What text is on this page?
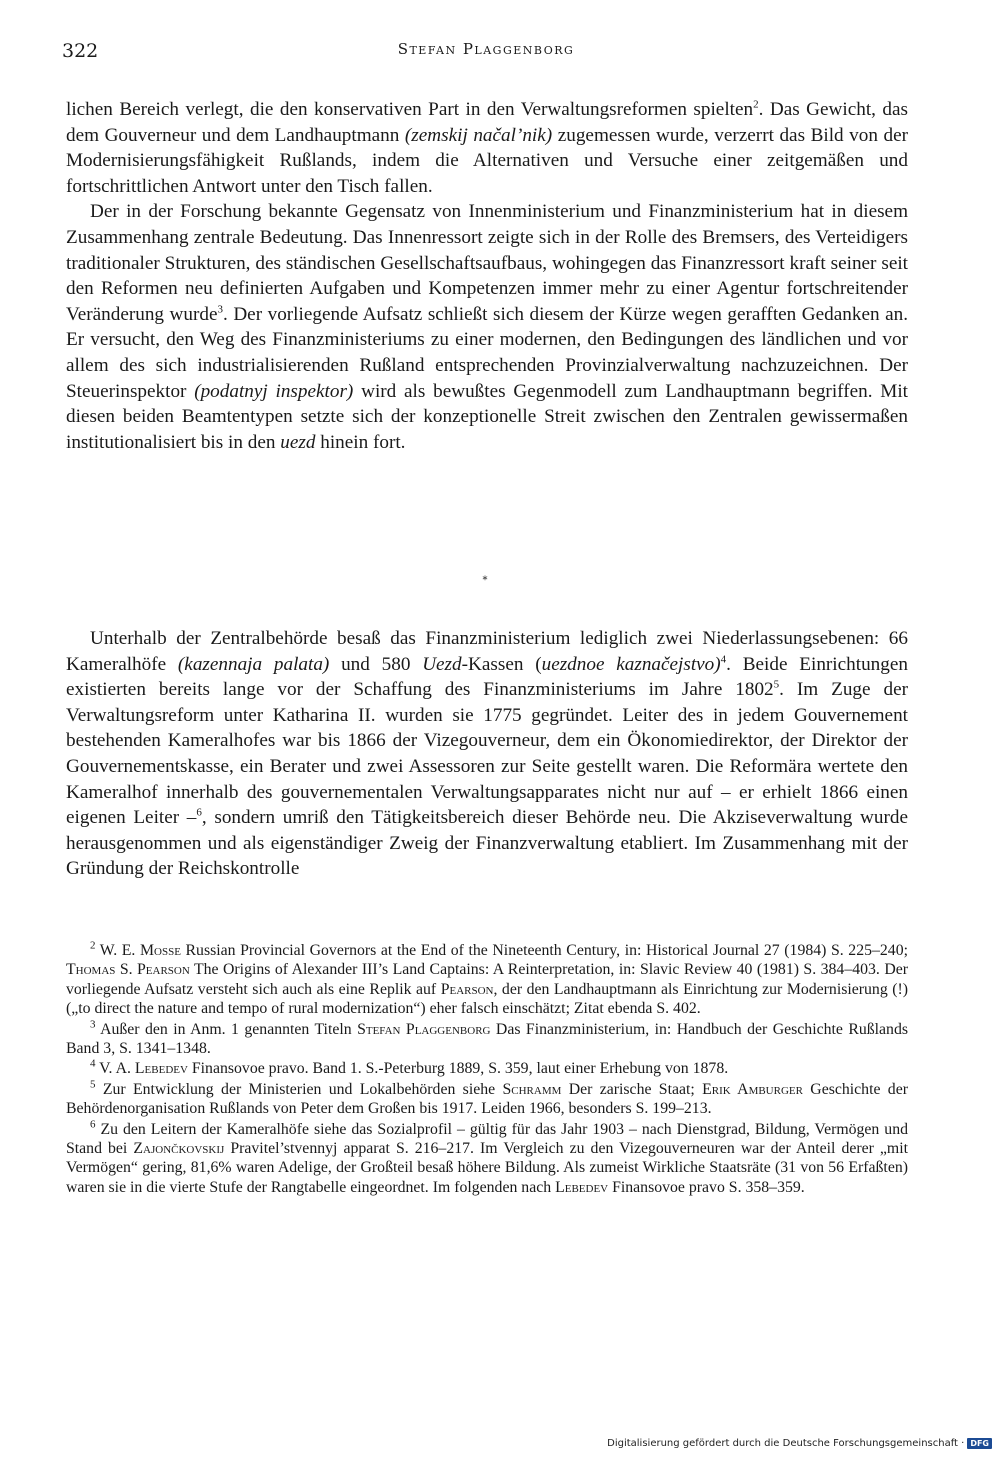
322	Stefan Plaggenborg

lichen Bereich verlegt, die den konservativen Part in den Verwaltungsreformen spielten$^2$. Das Gewicht, das dem Gouverneur und dem Landhauptmann (zemskij načal’nik) zugemessen wurde, verzerrt das Bild von der Modernisierungsfähigkeit Rußlands, indem die Alternativen und Versuche einer zeitgemäßen und fortschrittlichen Antwort unter den Tisch fallen.

Der in der Forschung bekannte Gegensatz von Innenministerium und Finanzministerium hat in diesem Zusammenhang zentrale Bedeutung. Das Innenressort zeigte sich in der Rolle des Bremsers, des Verteidigers traditionaler Strukturen, des ständischen Gesellschaftsaufbaus, wohingegen das Finanzressort kraft seiner seit den Reformen neu definierten Aufgaben und Kompetenzen immer mehr zu einer Agentur fortschreitender Veränderung wurde$^3$. Der vorliegende Aufsatz schließt sich diesem der Kürze wegen gerafften Gedanken an. Er versucht, den Weg des Finanzministeriums zu einer modernen, den Bedingungen des ländlichen und vor allem des sich industrialisierenden Rußland entsprechenden Provinzialverwaltung nachzuzeichnen. Der Steuerinspektor (podatnyj inspektor) wird als bewußtes Gegenmodell zum Landhauptmann begriffen. Mit diesen beiden Beamtentypen setzte sich der konzeptionelle Streit zwischen den Zentralen gewissermaßen institutionalisiert bis in den uezd hinein fort.

*

Unterhalb der Zentralbehörde besaß das Finanzministerium lediglich zwei Niederlassungsebenen: 66 Kameralhöfe (kazennaja palata) und 580 Uezd-Kassen (uezdnoe kaznačejstvo)$^4$. Beide Einrichtungen existierten bereits lange vor der Schaffung des Finanzministeriums im Jahre 1802$^5$. Im Zuge der Verwaltungsreform unter Katharina II. wurden sie 1775 gegründet. Leiter des in jedem Gouvernement bestehenden Kameralhofes war bis 1866 der Vizegouverneur, dem ein Ökonomiedirektor, der Direktor der Gouvernementskasse, ein Berater und zwei Assessoren zur Seite gestellt waren. Die Reformära wertete den Kameralhof innerhalb des gouvernementalen Verwaltungsapparates nicht nur auf – er erhielt 1866 einen eigenen Leiter –$^6$, sondern umriß den Tätigkeitsbereich dieser Behörde neu. Die Akziseverwaltung wurde herausgenommen und als eigenständiger Zweig der Finanzverwaltung etabliert. Im Zusammenhang mit der Gründung der Reichskontrolle

$^2$ W. E. Mosse Russian Provincial Governors at the End of the Nineteenth Century, in: Historical Journal 27 (1984) S. 225–240; Thomas S. Pearson The Origins of Alexander III’s Land Captains: A Reinterpretation, in: Slavic Review 40 (1981) S. 384–403. Der vorliegende Aufsatz versteht sich auch als eine Replik auf Pearson, der den Landhauptmann als Einrichtung zur Modernisierung (!) („to direct the nature and tempo of rural modernization“) eher falsch einschätzt; Zitat ebenda S. 402.

$^3$ Außer den in Anm. 1 genannten Titeln Stefan Plaggenborg Das Finanzministerium, in: Handbuch der Geschichte Rußlands Band 3, S. 1341–1348.

$^4$ V. A. Lebedev Finansovoe pravo. Band 1. S.-Peterburg 1889, S. 359, laut einer Erhebung von 1878.

$^5$ Zur Entwicklung der Ministerien und Lokalbehörden siehe Schramm Der zarische Staat; Erik Amburger Geschichte der Behördenorganisation Rußlands von Peter dem Großen bis 1917. Leiden 1966, besonders S. 199–213.

$^6$ Zu den Leitern der Kameralhöfe siehe das Sozialprofil – gültig für das Jahr 1903 – nach Dienstgrad, Bildung, Vermögen und Stand bei Zajončkovskij Pravitel’stvennyj apparat S. 216–217. Im Vergleich zu den Vizegouverneuren war der Anteil derer „mit Vermögen“ gering, 81,6% waren Adelige, der Großteil besaß höhere Bildung. Als zumeist Wirkliche Staatsräte (31 von 56 Erfaßten) waren sie in die vierte Stufe der Rangtabelle eingeordnet. Im folgenden nach Lebedev Finansovoe pravo S. 358–359.

Digitalisierung gefördert durch die Deutsche Forschungsgemeinschaft · DFG
